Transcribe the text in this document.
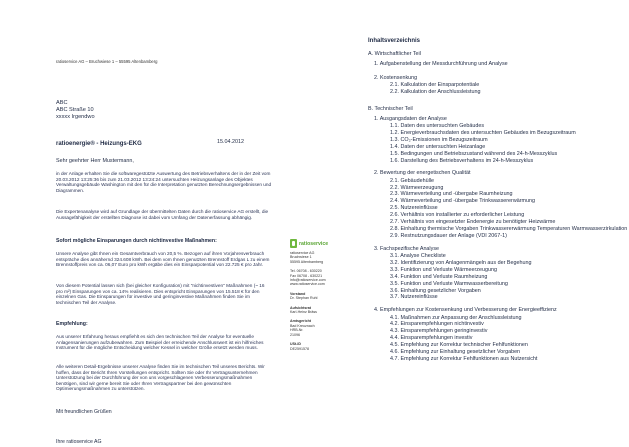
ratioservice AG – Bruchwiese 1 – 55595 Altenbamberg
ABC
ABC Straße 10
xxxxx Irgendwo
ratioenergie® - Heizungs-EKG	15.04.2012
Sehr geehrter Herr Mustermann,
in der Anlage erhalten Sie die softwaregestützte Auswertung des Betriebsverhaltens der in der Zeit vom 20.03.2012 13:25:36 bis zum 21.03.2012 13:24:24 untersuchten Heizungsanlage des Objektes Verwaltungsgebäude Washington mit den für die Interpretation genutzten Berechnungsergebnissen und Diagrammen.
Die Expertenanalyse wird auf Grundlage der übermittelten Daten durch die ratioservice AG erstellt, die Aussagefähigkeit der erstellten Diagnose ist dabei vom Umfang der Datenerfassung abhängig.
Sofort mögliche Einsparungen durch nichtinvestive Maßnahmen:
Unsere Analyse gibt Ihnen ein Gesamtverbrauch von 20,5 %. Bezogen auf ihren Vorjahresverbrauch entspräche dies annähernd 324.608 kWh. Bei dem vom Ihnen genutzten Brennstoff Erdgas L zu einem Brennstoffpreis von ca. 06,07 Euro pro kWh ergäbe dies ein Einsparpotential von 22.725 € pro Jahr.
Von diesem Potential lassen sich (bei gleicher Konfiguration) mit "nichtinvestiven" Maßnahmen (~ 16 pro m²) Einsparungen von ca. 14% realisieren. Dies entspricht Einsparungen von 15.518 € für den einzelnen Gas. Die Einsparungen für investive und geringinvestive Maßnahmen finden Sie im technischen Teil der Analyse.
Empfehlung:
Aus unserer Erfahrung heraus empfiehlt es sich den technischen Teil der Analyse für eventuelle Anlagensanierungen aufzubewahren. Zum Beispiel der erreichende Anschlusswert ist ein hilfreiches Instrument für die mögliche Entscheidung welcher Kessel in welcher Größe ersetzt werden muss.
Alle weiteren Detail-Ergebnisse unserer Analyse finden Sie im technischen Teil unseres Berichts. Wir hoffen, dass der Bericht Ihren Vorstellungen entspricht. Sollten Sie oder Ihr Vertragsunternehmen Unterstützung bei der Durchführung der von uns vorgeschlagenen Verbesserungsmaßnahmen benötigen, sind wir gerne bereit Sie oder Ihren Vertragspartner bei den gewünschten Optimierungsmaßnahmen zu unterstützen.
Mit freundlichen Grüßen
Ihre ratioservice AG
ratioservice
ratioservice AG
Bruchwiese 1
55595 Altenbamberg
Tel. 06708 - 630220
Fax 06708 - 630221
info@ratioservice.com
www.ratioservice.com
Vorstand
Dr. Stephan Ruhl
Aufsichtsrat
Karl-Heinz Bräss
Amtsgericht
Bad Kreuznach
HRB-Nr.
21096
USt-ID
DE2591578
Inhaltsverzeichnis
A. Wirtschaftlicher Teil
1. Aufgabenstellung der Messdurchführung und Analyse
2. Kostensenkung
2.1. Kalkulation der Einsparpotentiale
2.2. Kalkulation der Anschlussleistung
B. Technischer Teil
1. Ausgangsdaten der Analyse
1.1. Daten des untersuchten Gebäudes
1.2. Energieverbrauchsdaten des untersuchten Gebäudes im Bezugszeitraum
1.3. CO₂-Emissionen im Bezugszeitraum
1.4. Daten der untersuchten Heizanlage
1.5. Bedingungen und Betriebszustand während des 24-h-Messzyklus
1.6. Darstellung des Betriebsverhaltens im 24-h-Messzyklus
2. Bewertung der energetischen Qualität
2.1. Gebäudehülle
2.2. Wärmeerzeugung
2.3. Wärmeverteilung und -übergabe Raumheizung
2.4. Wärmeverteilung und -übergabe Trinkwassererwärmung
2.5. Nutzereinflüsse
2.6. Verhältnis von installierter zu erforderlicher Leistung
2.7. Verhältnis von eingesetzter Endenergie zu benötigter Heizwärme
2.8. Einhaltung thermische Vorgaben Trinkwassererwärmung Temperaturen Warmwasserzirkulation
2.9. Restnutzungsdauer der Anlage (VDI 2067-1)
3. Fachspezifische Analyse
3.1. Analyse Checkliste
3.2. Identifizierung von Anlagenmängeln aus der Begehung
3.3. Funktion und Verluste Wärmeerzeugung
3.4. Funktion und Verluste Raumheizung
3.5. Funktion und Verluste Warmwasserbereitung
3.6. Einhaltung gesetzlicher Vorgaben
3.7. Nutzereinflüsse
4. Empfehlungen zur Kostensenkung und Verbesserung der Energieeffizienz
4.1. Maßnahmen zur Anpassung der Anschlussleistung
4.2. Einsparempfehlungen nichtinvestiv
4.3. Einsparempfehlungen geringinvestiv
4.4. Einsparempfehlungen investiv
4.5. Empfehlung zur Korrektur technischer Fehlfunktionen
4.6. Empfehlung zur Einhaltung gesetzlicher Vorgaben
4.7. Empfehlung zur Korrektur Fehlfunktionen aus Nutzersicht
